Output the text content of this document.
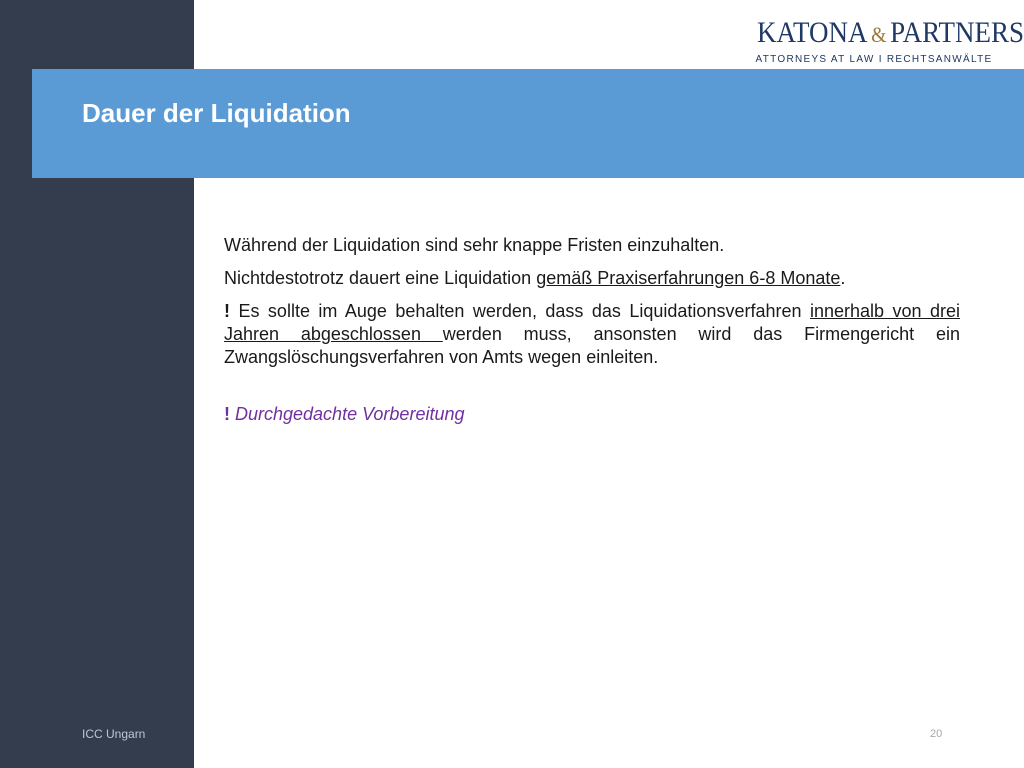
Dauer der Liquidation
KATONA & PARTNERS
ATTORNEYS AT LAW I RECHTSANWÄLTE

Während der Liquidation sind sehr knappe Fristen einzuhalten.

Nichtdestotrotz dauert eine Liquidation gemäß Praxiserfahrungen 6-8 Monate.

! Es sollte im Auge behalten werden, dass das Liquidationsverfahren innerhalb von drei Jahren abgeschlossen werden muss, ansonsten wird das Firmengericht ein Zwangslöschungsverfahren von Amts wegen einleiten.

! Durchgedachte Vorbereitung

ICC Ungarn	20
